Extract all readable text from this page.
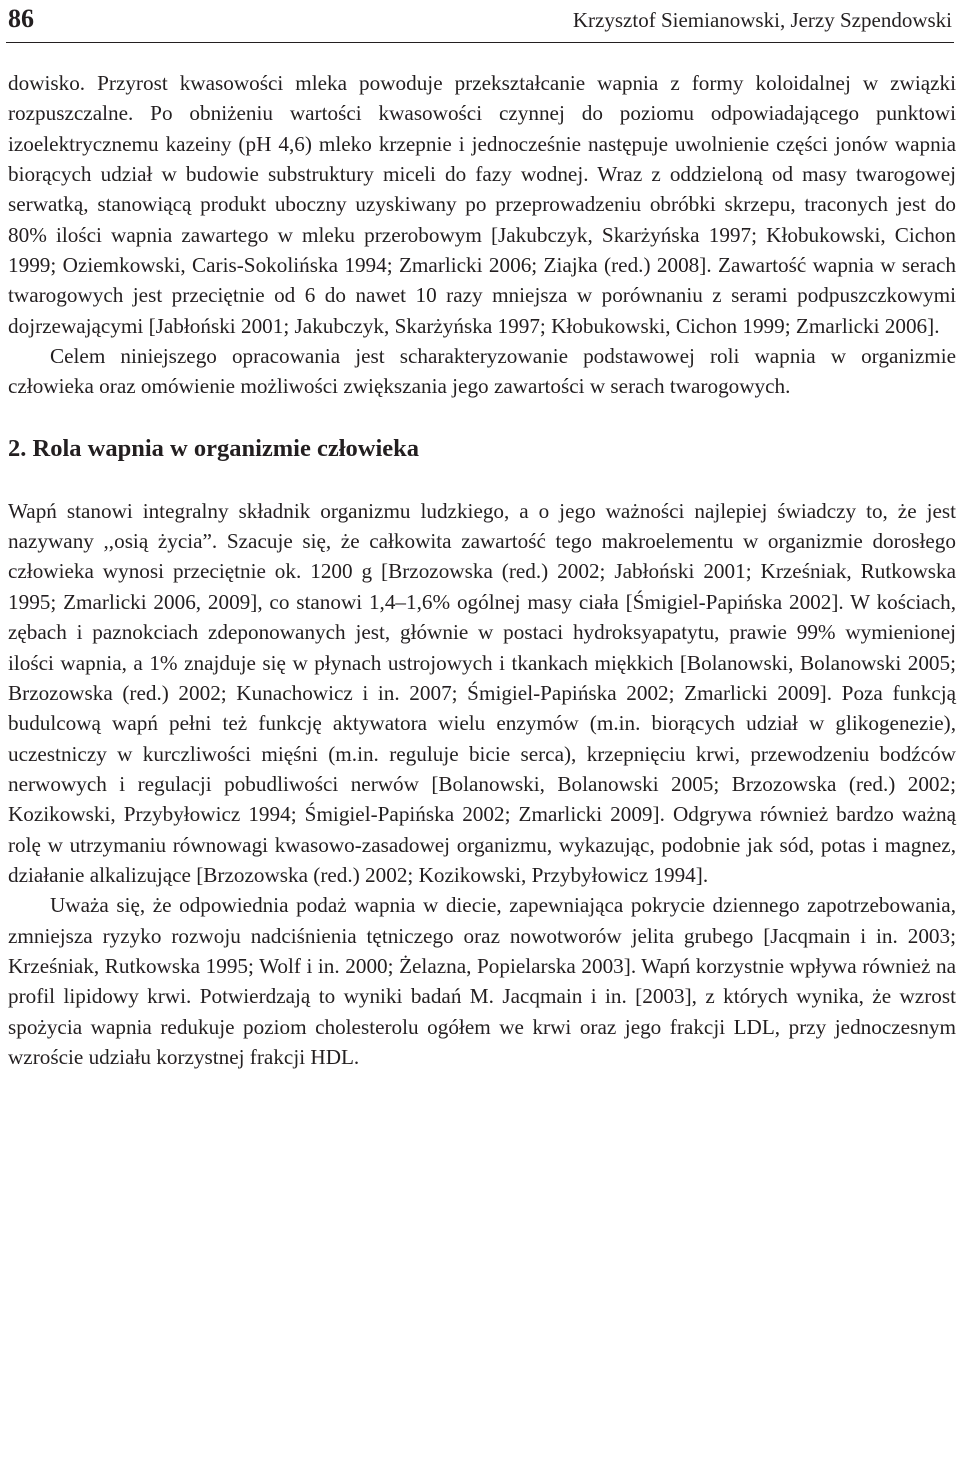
86	Krzysztof Siemianowski, Jerzy Szpendowski

dowisko. Przyrost kwasowości mleka powoduje przekształcanie wapnia z formy koloidalnej w związki rozpuszczalne. Po obniżeniu wartości kwasowości czynnej do poziomu odpowiadającego punktowi izoelektrycznemu kazeiny (pH 4,6) mleko krzepnie i jednocześnie następuje uwolnienie części jonów wapnia biorących udział w budowie substruktury miceli do fazy wodnej. Wraz z oddzieloną od masy twarogowej serwatką, stanowiącą produkt uboczny uzyskiwany po przeprowadzeniu obróbki skrzepu, traconych jest do 80% ilości wapnia zawartego w mleku przerobowym [Jakubczyk, Skarżyńska 1997; Kłobukowski, Cichon 1999; Oziemkowski, Caris-Sokolińska 1994; Zmarlicki 2006; Ziajka (red.) 2008]. Zawartość wapnia w serach twarogowych jest przeciętnie od 6 do nawet 10 razy mniejsza w porównaniu z serami podpuszczkowymi dojrzewającymi [Jabłoński 2001; Jakubczyk, Skarżyńska 1997; Kłobukowski, Cichon 1999; Zmarlicki 2006].

Celem niniejszego opracowania jest scharakteryzowanie podstawowej roli wapnia w organizmie człowieka oraz omówienie możliwości zwiększania jego zawartości w serach twarogowych.

2. Rola wapnia w organizmie człowieka

Wapń stanowi integralny składnik organizmu ludzkiego, a o jego ważności najlepiej świadczy to, że jest nazywany ,,osią życia”. Szacuje się, że całkowita zawartość tego makroelementu w organizmie dorosłego człowieka wynosi przeciętnie ok. 1200 g [Brzozowska (red.) 2002; Jabłoński 2001; Krześniak, Rutkowska 1995; Zmarlicki 2006, 2009], co stanowi 1,4–1,6% ogólnej masy ciała [Śmigiel-Papińska 2002]. W kościach, zębach i paznokciach zdeponowanych jest, głównie w postaci hydroksyapatytu, prawie 99% wymienionej ilości wapnia, a 1% znajduje się w płynach ustrojowych i tkankach miękkich [Bolanowski, Bolanowski 2005; Brzozowska (red.) 2002; Kunachowicz i in. 2007; Śmigiel-Papińska 2002; Zmarlicki 2009]. Poza funkcją budulcową wapń pełni też funkcję aktywatora wielu enzymów (m.in. biorących udział w glikogenezie), uczestniczy w kurczliwości mięśni (m.in. reguluje bicie serca), krzepnięciu krwi, przewodzeniu bodźców nerwowych i regulacji pobudliwości nerwów [Bolanowski, Bolanowski 2005; Brzozowska (red.) 2002; Kozikowski, Przybyłowicz 1994; Śmigiel-Papińska 2002; Zmarlicki 2009]. Odgrywa również bardzo ważną rolę w utrzymaniu równowagi kwasowo-zasadowej organizmu, wykazując, podobnie jak sód, potas i magnez, działanie alkalizujące [Brzozowska (red.) 2002; Kozikowski, Przybyłowicz 1994].

Uważa się, że odpowiednia podaż wapnia w diecie, zapewniająca pokrycie dziennego zapotrzebowania, zmniejsza ryzyko rozwoju nadciśnienia tętniczego oraz nowotworów jelita grubego [Jacqmain i in. 2003; Krześniak, Rutkowska 1995; Wolf i in. 2000; Żelazna, Popielarska 2003]. Wapń korzystnie wpływa również na profil lipidowy krwi. Potwierdzają to wyniki badań M. Jacqmain i in. [2003], z których wynika, że wzrost spożycia wapnia redukuje poziom cholesterolu ogółem we krwi oraz jego frakcji LDL, przy jednoczesnym wzroście udziału korzystnej frakcji HDL.
